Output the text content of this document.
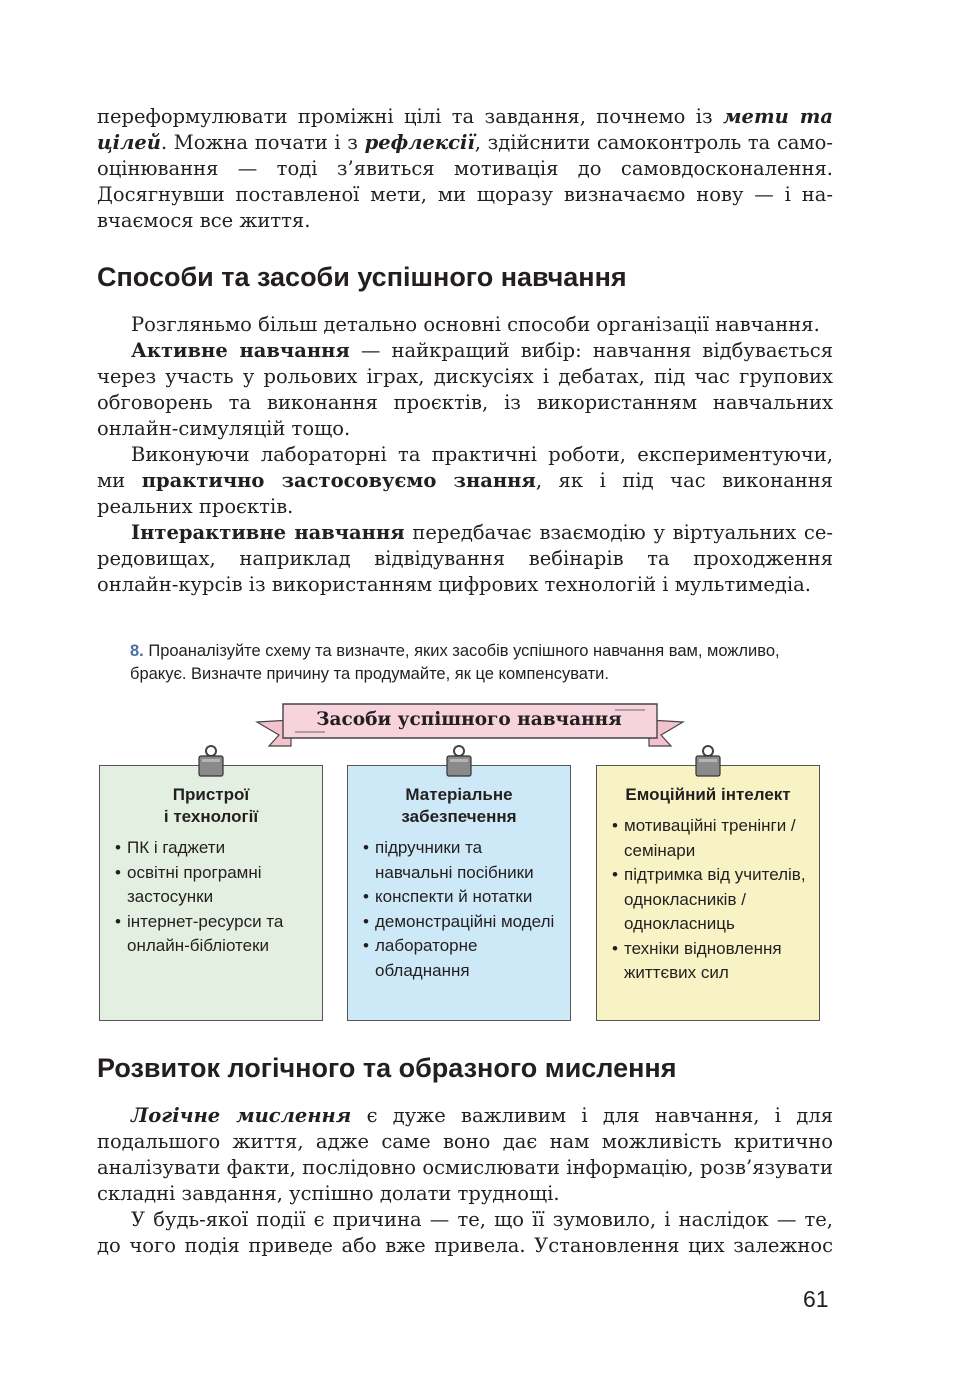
переформулювати проміжні цілі та завдання, почнемо із мети та цілей. Можна почати і з рефлексії, здійснити самоконтроль та самооцінювання — тоді з’явиться мотивація до самовдосконалення. Досягнувши поставленої мети, ми щоразу визначаємо нову — і навчаємося все життя.

Способи та засоби успішного навчання

Розгляньмо більш детально основні способи організації навчання.

Активне навчання — найкращий вибір: навчання відбувається через участь у рольових іграх, дискусіях і дебатах, під час групових обговорень та виконання проєктів, із використанням навчальних онлайн-симуляцій тощо.

Виконуючи лабораторні та практичні роботи, експериментуючи, ми практично застосовуємо знання, як і під час виконання реальних проєктів.

Інтерактивне навчання передбачає взаємодію у віртуальних середовищах, наприклад відвідування вебінарів та проходження онлайн-курсів із використанням цифрових технологій і мультимедіа.

8. Проаналізуйте схему та визначте, яких засобів успішного навчання вам, можливо, бракує. Визначте причину та продумайте, як це компенсувати.

Засоби успішного навчання
Пристрої
і технології
• ПК і гаджети
• освітні програмні застосунки
• інтернет-ресурси та онлайн-бібліотеки
Матеріальне
забезпечення
• підручники та навчальні посібники
• конспекти й нотатки
• демонстраційні моделі
• лабораторне обладнання
Емоційний інтелект
• мотиваційні тренінги / семінари
• підтримка від учителів, однокласників / однокласниць
• техніки відновлення життєвих сил
Розвиток логічного та образного мислення

Логічне мислення є дуже важливим і для навчання, і для подальшого життя, адже саме воно дає нам можливість критично аналізувати факти, послідовно осмислювати інформацію, розв’язувати складні завдання, успішно долати труднощі.

У будь-якої події є причина — те, що її зумовило, і наслідок — те, до чого подія приведе або вже привела. Установлення цих залежнос

61
